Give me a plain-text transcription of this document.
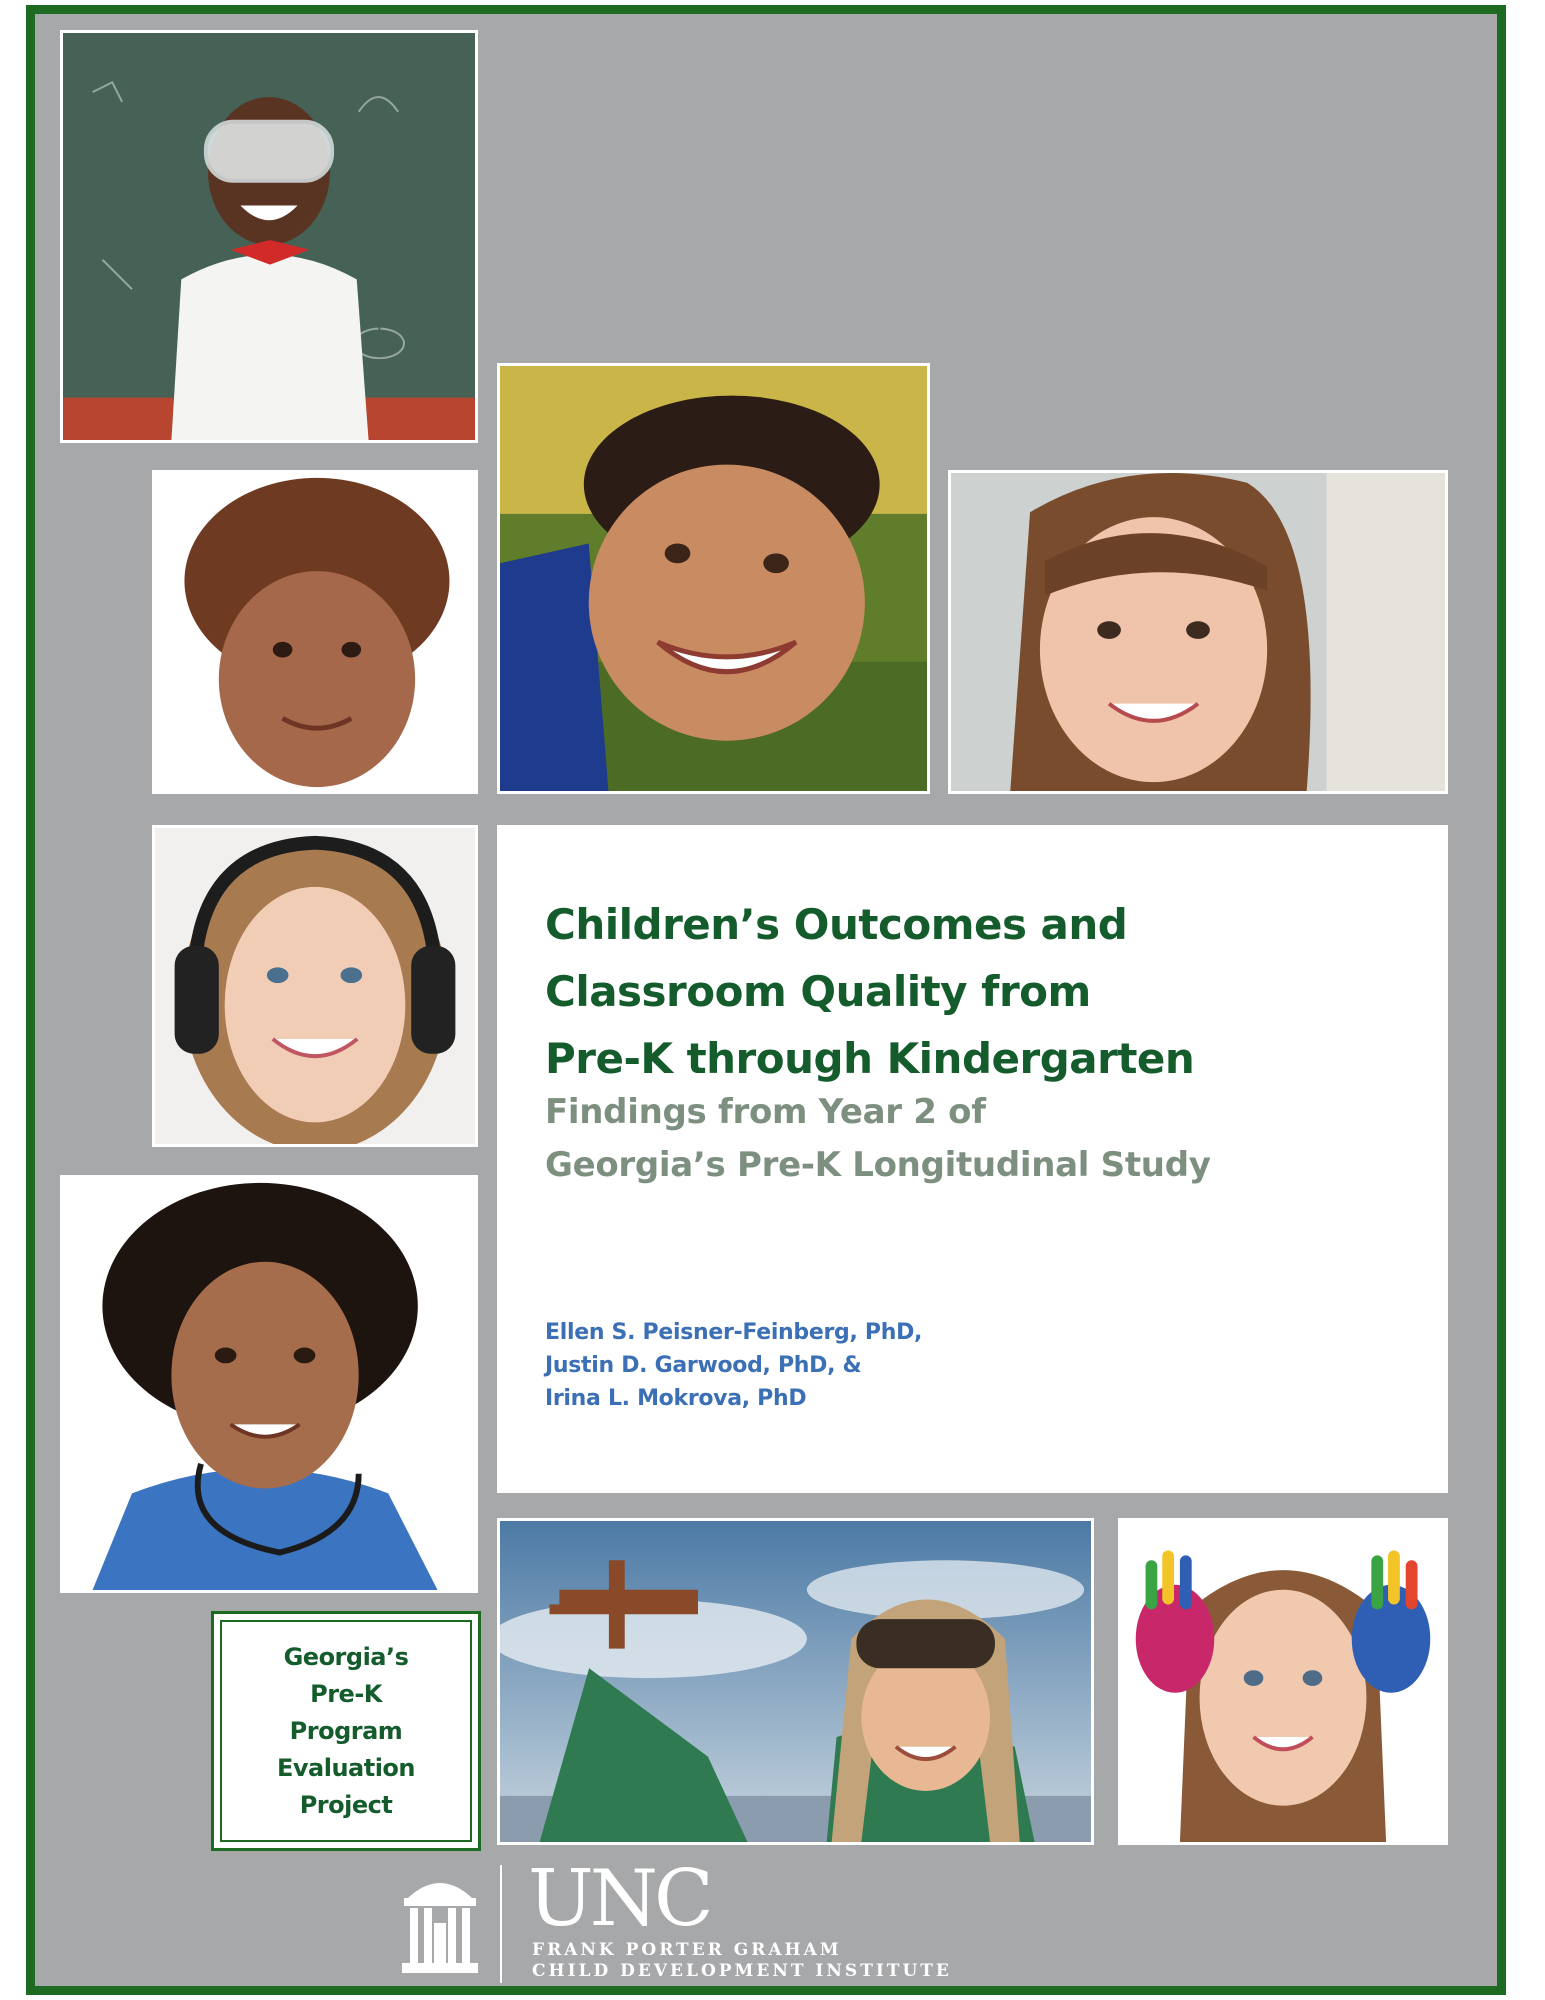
Children’s Outcomes and
Classroom Quality from
Pre-K through Kindergarten
Findings from Year 2 of
Georgia’s Pre-K Longitudinal Study
Ellen S. Peisner-Feinberg, PhD,
Justin D. Garwood, PhD, &
Irina L. Mokrova, PhD
Georgia’s
Pre-K
Program
Evaluation
Project
UNC
FRANK PORTER GRAHAM
CHILD DEVELOPMENT INSTITUTE
